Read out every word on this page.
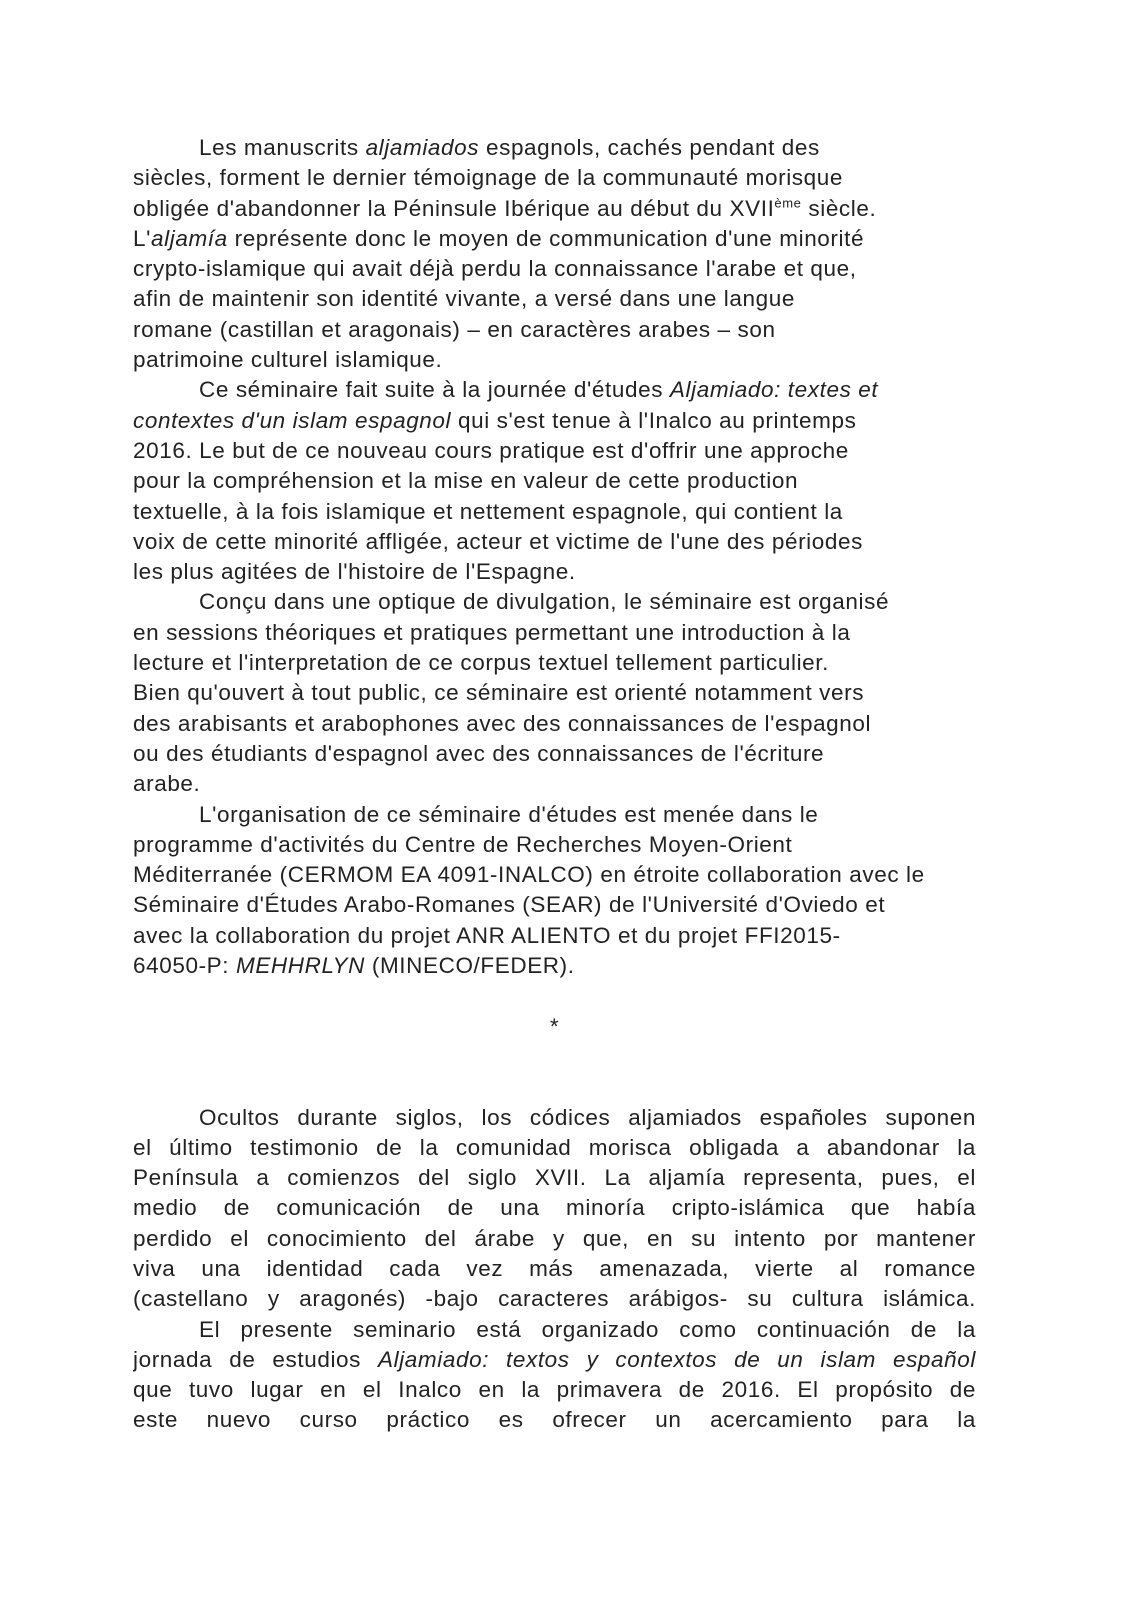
Les manuscrits aljamiados espagnols, cachés pendant des
siècles, forment le dernier témoignage de la communauté morisque
obligée d'abandonner la Péninsule Ibérique au début du XVIIème siècle.
L'aljamía représente donc le moyen de communication d'une minorité
crypto-islamique qui avait déjà perdu la connaissance l'arabe et que,
afin de maintenir son identité vivante, a versé dans une langue
romane (castillan et aragonais) – en caractères arabes – son
patrimoine culturel islamique.
Ce séminaire fait suite à la journée d'études Aljamiado: textes et
contextes d'un islam espagnol qui s'est tenue à l'Inalco au printemps
2016. Le but de ce nouveau cours pratique est d'offrir une approche
pour la compréhension et la mise en valeur de cette production
textuelle, à la fois islamique et nettement espagnole, qui contient la
voix de cette minorité affligée, acteur et victime de l'une des périodes
les plus agitées de l'histoire de l'Espagne.
Conçu dans une optique de divulgation, le séminaire est organisé
en sessions théoriques et pratiques permettant une introduction à la
lecture et l'interpretation de ce corpus textuel tellement particulier.
Bien qu'ouvert à tout public, ce séminaire est orienté notamment vers
des arabisants et arabophones avec des connaissances de l'espagnol
ou des étudiants d'espagnol avec des connaissances de l'écriture
arabe.
L'organisation de ce séminaire d'études est menée dans le
programme d'activités du Centre de Recherches Moyen-Orient
Méditerranée (CERMOM EA 4091-INALCO) en étroite collaboration avec le
Séminaire d'Études Arabo-Romanes (SEAR) de l'Université d'Oviedo et
avec la collaboration du projet ANR ALIENTO et du projet FFI2015-
64050-P: MEHHRLYN (MINECO/FEDER).
*
Ocultos durante siglos, los códices aljamiados españoles suponen
el último testimonio de la comunidad morisca obligada a abandonar la
Península a comienzos del siglo XVII. La aljamía representa, pues, el
medio de comunicación de una minoría cripto-islámica que había
perdido el conocimiento del árabe y que, en su intento por mantener
viva una identidad cada vez más amenazada, vierte al romance
(castellano y aragonés) -bajo caracteres arábigos- su cultura islámica.
El presente seminario está organizado como continuación de la
jornada de estudios Aljamiado: textos y contextos de un islam español
que tuvo lugar en el Inalco en la primavera de 2016. El propósito de
este nuevo curso práctico es ofrecer un acercamiento para la
